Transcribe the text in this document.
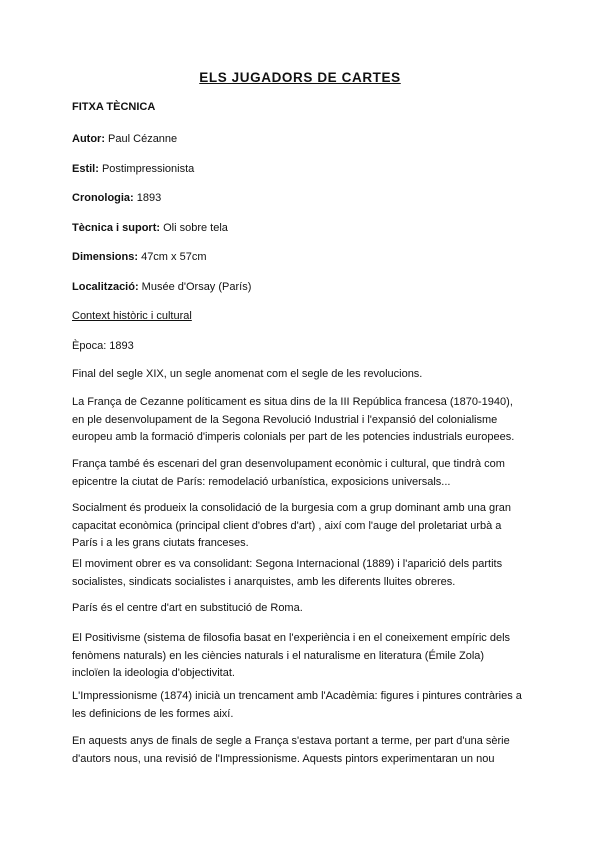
ELS JUGADORS DE CARTES
FITXA TÈCNICA
Autor: Paul Cézanne
Estil: Postimpressionista
Cronologia: 1893
Tècnica i suport: Oli sobre tela
Dimensions: 47cm x 57cm
Localització: Musée d'Orsay (París)
Context històric i cultural
Època: 1893
Final del segle XIX, un segle anomenat com el segle de les revolucions.
La França de Cezanne políticament es situa dins de la III República francesa (1870-1940),
en ple desenvolupament de la Segona Revolució Industrial i l'expansió del colonialisme
europeu amb la formació d'imperis colonials per part de les potencies industrials europees.
França també és escenari del gran desenvolupament econòmic i cultural, que tindrà com
epicentre la ciutat de París: remodelació urbanística, exposicions universals...
Socialment és produeix la consolidació de la burgesia com a grup dominant amb una gran
capacitat econòmica (principal client d'obres d'art) , així com l'auge del proletariat urbà a
París i a les grans ciutats franceses.
El moviment obrer es va consolidant: Segona Internacional (1889) i l'aparició dels partits
socialistes, sindicats socialistes i anarquistes, amb les diferents lluites obreres.
París és el centre d'art en substitució de Roma.
El Positivisme (sistema de filosofia basat en l'experiència i en el coneixement empíric dels
fenòmens naturals) en les ciències naturals i el naturalisme en literatura (Émile Zola)
incloïen la ideologia d'objectivitat.
L'Impressionisme (1874) inicià un trencament amb l'Acadèmia: figures i pintures contràries a
les definicions de les formes així.
En aquests anys de finals de segle a França s'estava portant a terme, per part d'una sèrie
d'autors nous, una revisió de l'Impressionisme. Aquests pintors experimentaran un nou
